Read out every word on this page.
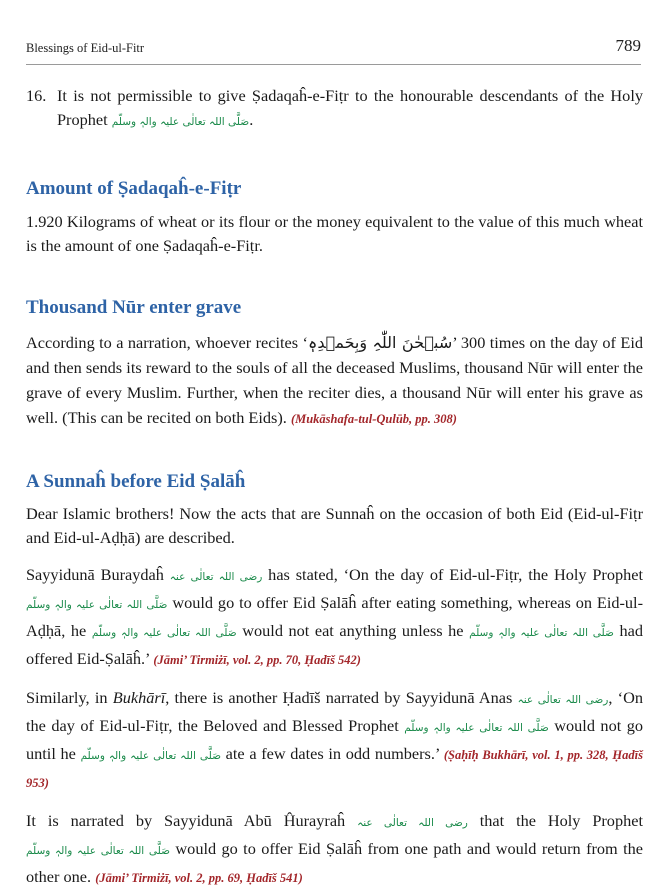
Blessings of Eid-ul-Fitr	789

16. It is not permissible to give Ṣadaqaĥ-e-Fiṭr to the honourable descendants of the Holy Prophet صَلَّی اللہ تعالٰی علیہ والہٖ وسلّم.

Amount of Ṣadaqaĥ-e-Fiṭr

1.920 Kilograms of wheat or its flour or the money equivalent to the value of this much wheat is the amount of one Ṣadaqaĥ-e-Fiṭr.

Thousand Nūr enter grave

According to a narration, whoever recites ‘سُبۡحٰنَ اللّٰہِ وَبِحَمۡدِہٖ’ 300 times on the day of Eid and then sends its reward to the souls of all the deceased Muslims, thousand Nūr will enter the grave of every Muslim. Further, when the reciter dies, a thousand Nūr will enter his grave as well. (This can be recited on both Eids). (Mukāshafa-tul-Qulūb, pp. 308)

A Sunnaĥ before Eid Ṣalāĥ

Dear Islamic brothers! Now the acts that are Sunnaĥ on the occasion of both Eid (Eid-ul-Fiṭr and Eid-ul-Aḍḥā) are described.

Sayyidunā Buraydaĥ رضی اللہ تعالٰی عنہ has stated, ‘On the day of Eid-ul-Fiṭr, the Holy Prophet صَلَّی اللہ تعالٰی علیہ والہٖ وسلّم would go to offer Eid Ṣalāĥ after eating something, whereas on Eid-ul-Aḍḥā, he صَلَّی اللہ تعالٰی علیہ والہٖ وسلّم would not eat anything unless he صَلَّی اللہ تعالٰی علیہ والہٖ وسلّم had offered Eid-Ṣalāĥ.’ (Jāmi’ Tirmiżī, vol. 2, pp. 70, Ḥadīš 542)

Similarly, in Bukhārī, there is another Ḥadīš narrated by Sayyidunā Anas رضی اللہ تعالٰی عنہ, ‘On the day of Eid-ul-Fiṭr, the Beloved and Blessed Prophet صَلَّی اللہ تعالٰی علیہ والہٖ وسلّم would not go until he صَلَّی اللہ تعالٰی علیہ والہٖ وسلّم ate a few dates in odd numbers.’ (Ṣaḥīḥ Bukhārī, vol. 1, pp. 328, Ḥadīš 953)

It is narrated by Sayyidunā Abū Ĥurayraĥ رضی اللہ تعالٰی عنہ that the Holy Prophet صَلَّی اللہ تعالٰی علیہ والہٖ وسلّم would go to offer Eid Ṣalāĥ from one path and would return from the other one. (Jāmi’ Tirmiżī, vol. 2, pp. 69, Ḥadīš 541)
